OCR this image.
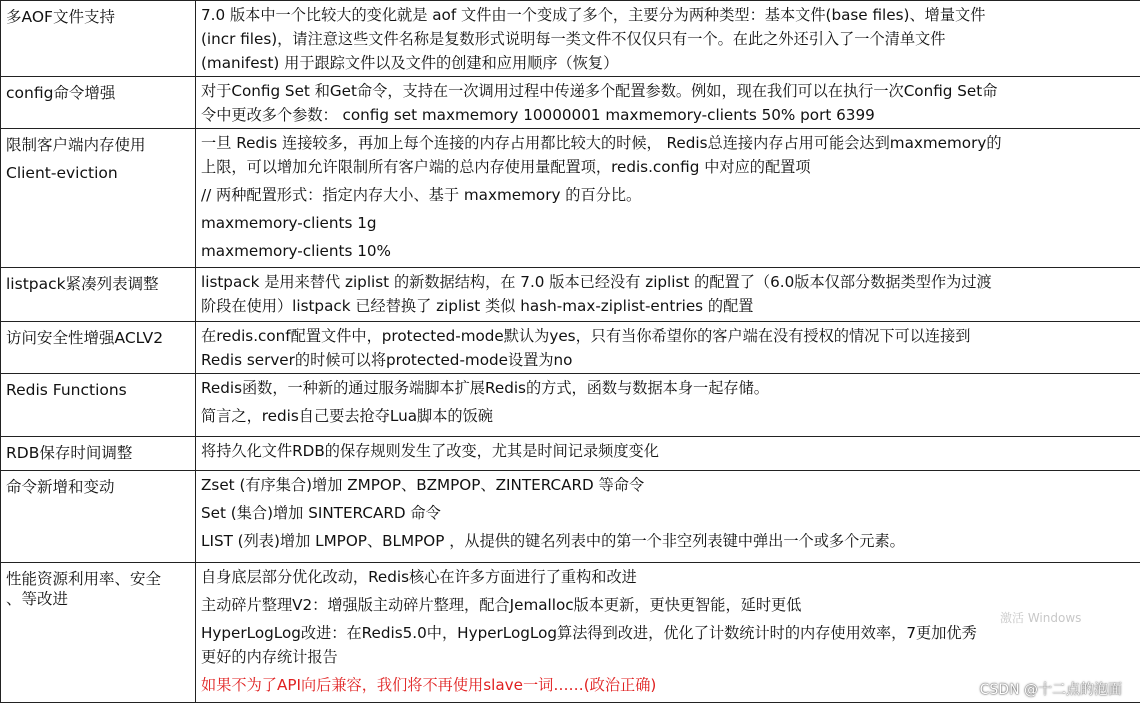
多AOF文件支持	7.0 版本中一个比较大的变化就是 aof 文件由一个变成了多个，主要分为两种类型：基本文件(base files)、增量文件
(incr files)，请注意这些文件名称是复数形式说明每一类文件不仅仅只有一个。在此之外还引入了一个清单文件
(manifest) 用于跟踪文件以及文件的创建和应用顺序（恢复）

config命令增强	对于Config Set 和Get命令，支持在一次调用过程中传递多个配置参数。例如，现在我们可以在执行一次Config Set命
令中更改多个参数： config set maxmemory 10000001 maxmemory-clients 50% port 6399

限制客户端内存使用
Client-eviction	一旦 Redis 连接较多，再加上每个连接的内存占用都比较大的时候， Redis总连接内存占用可能会达到maxmemory的
上限，可以增加允许限制所有客户端的总内存使用量配置项，redis.config 中对应的配置项
// 两种配置形式：指定内存大小、基于 maxmemory 的百分比。
maxmemory-clients 1g
maxmemory-clients 10%

listpack紧凑列表调整	listpack 是用来替代 ziplist 的新数据结构，在 7.0 版本已经没有 ziplist 的配置了（6.0版本仅部分数据类型作为过渡
阶段在使用）listpack 已经替换了 ziplist 类似 hash-max-ziplist-entries 的配置

访问安全性增强ACLV2	在redis.conf配置文件中，protected-mode默认为yes，只有当你希望你的客户端在没有授权的情况下可以连接到
Redis server的时候可以将protected-mode设置为no

Redis Functions	Redis函数，一种新的通过服务端脚本扩展Redis的方式，函数与数据本身一起存储。
简言之，redis自己要去抢夺Lua脚本的饭碗

RDB保存时间调整	将持久化文件RDB的保存规则发生了改变，尤其是时间记录频度变化

命令新增和变动	Zset (有序集合)增加 ZMPOP、BZMPOP、ZINTERCARD 等命令
Set (集合)增加 SINTERCARD 命令
LIST (列表)增加 LMPOP、BLMPOP ，从提供的键名列表中的第一个非空列表键中弹出一个或多个元素。

性能资源利用率、安全
、等改进	自身底层部分优化改动，Redis核心在许多方面进行了重构和改进
主动碎片整理V2：增强版主动碎片整理，配合Jemalloc版本更新，更快更智能，延时更低
HyperLogLog改进：在Redis5.0中，HyperLogLog算法得到改进，优化了计数统计时的内存使用效率，7更加优秀
更好的内存统计报告
如果不为了API向后兼容，我们将不再使用slave一词……(政治正确)
激活 Windows
CSDN @十二点的泡面
